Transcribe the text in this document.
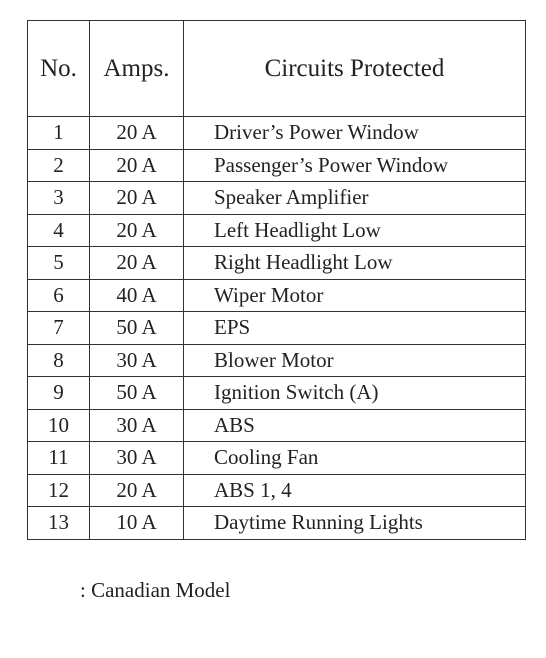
No.	Amps.	Circuits Protected
1	20 A	Driver’s Power Window
2	20 A	Passenger’s Power Window
3	20 A	Speaker Amplifier
4	20 A	Left Headlight Low
5	20 A	Right Headlight Low
6	40 A	Wiper Motor
7	50 A	EPS
8	30 A	Blower Motor
9	50 A	Ignition Switch (A)
10	30 A	ABS
11	30 A	Cooling Fan
12	20 A	ABS 1, 4
13	10 A	Daytime Running Lights
: Canadian Model
